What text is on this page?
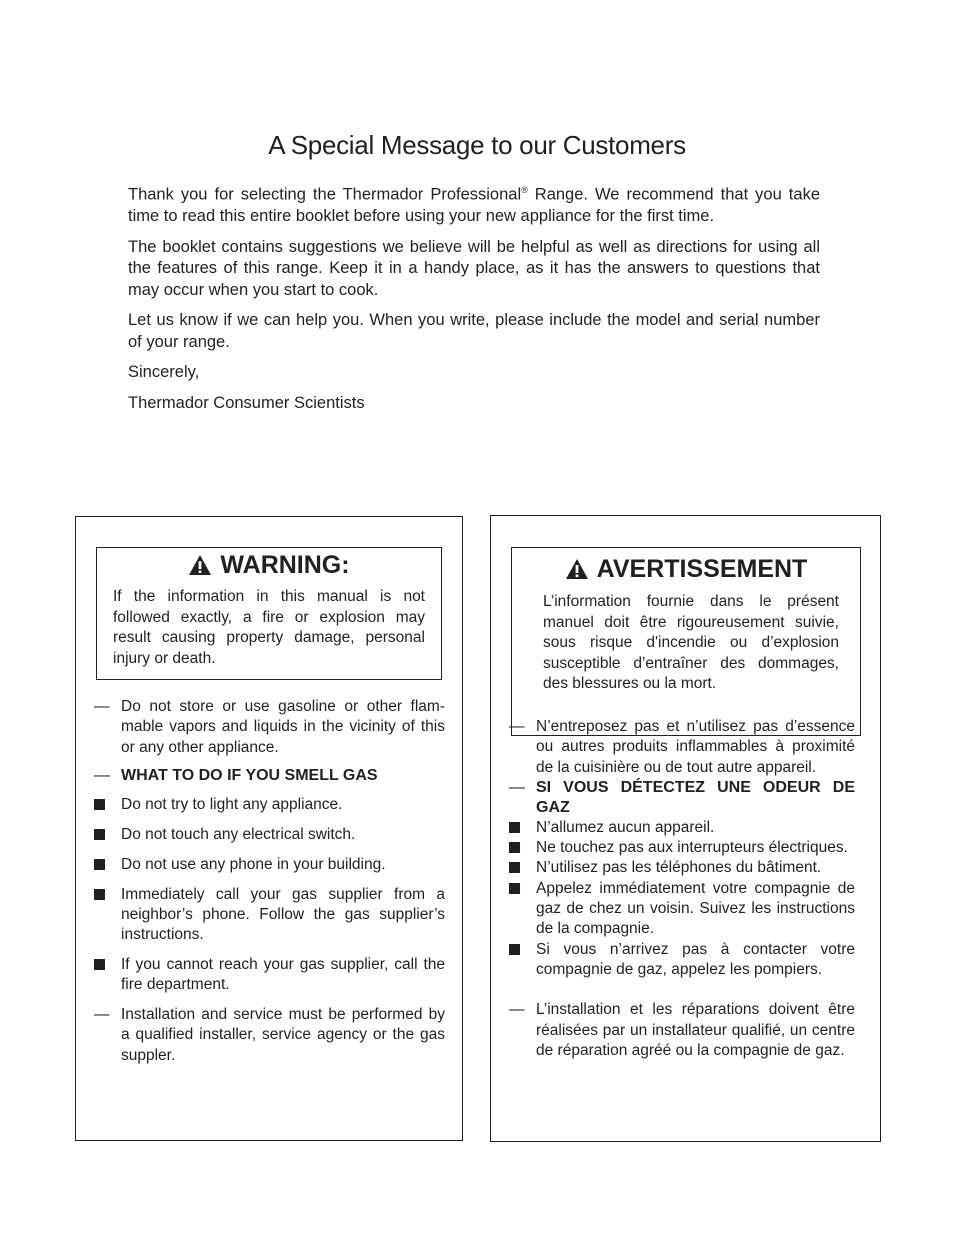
A Special Message to our Customers

Thank you for selecting the Thermador Professional® Range. We recommend that you take time to read this entire booklet before using your new appliance for the first time.

The booklet contains suggestions we believe will be helpful as well as directions for using all the features of this range. Keep it in a handy place, as it has the answers to questions that may occur when you start to cook.

Let us know if we can help you. When you write, please include the model and serial number of your range.

Sincerely,

Thermador Consumer Scientists

WARNING:
If the information in this manual is not followed exactly, a fire or explosion may result causing property damage, personal injury or death.
— Do not store or use gasoline or other flam-mable vapors and liquids in the vicinity of this or any other appliance.
— WHAT TO DO IF YOU SMELL GAS
Do not try to light any appliance.
Do not touch any electrical switch.
Do not use any phone in your building.
Immediately call your gas supplier from a neighbor’s phone. Follow the gas supplier’s instructions.
If you cannot reach your gas supplier, call the fire department.
— Installation and service must be performed by a qualified installer, service agency or the gas suppler.
AVERTISSEMENT
L’information fournie dans le présent manuel doit être rigoureusement suivie, sous risque d'incendie ou d’explosion susceptible d’entraîner des dommages, des blessures ou la mort.
— N’entreposez pas et n’utilisez pas d’essence ou autres produits inflammables à proximité de la cuisinière ou de tout autre appareil.
— SI VOUS DÉTECTEZ UNE ODEUR DE GAZ
N’allumez aucun appareil.
Ne touchez pas aux interrupteurs électriques.
N’utilisez pas les téléphones du bâtiment.
Appelez immédiatement votre compagnie de gaz de chez un voisin. Suivez les instructions de la compagnie.
Si vous n’arrivez pas à contacter votre compagnie de gaz, appelez les pompiers.
— L’installation et les réparations doivent être réalisées par un installateur qualifié, un centre de réparation agréé ou la compagnie de gaz.
